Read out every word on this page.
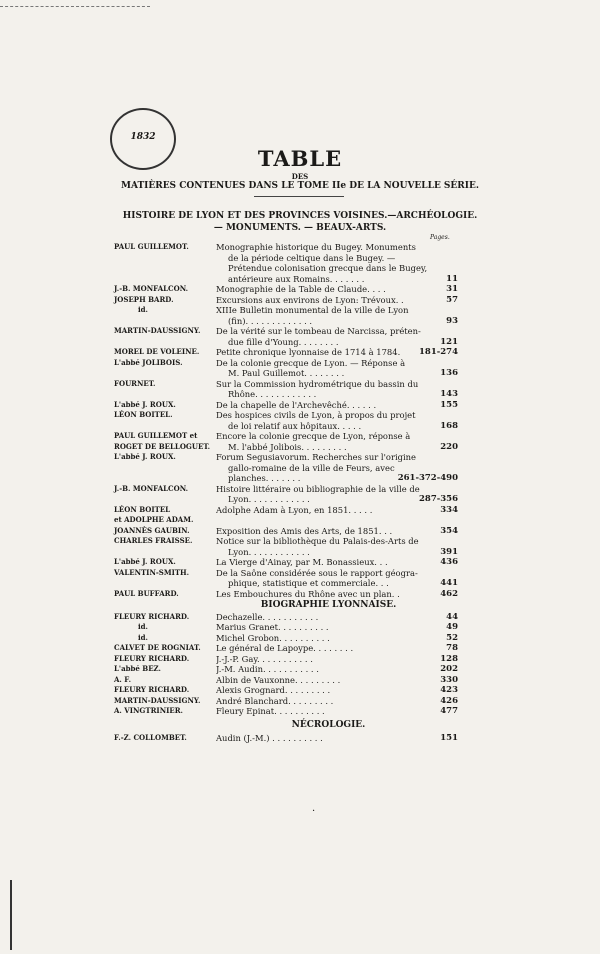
1832
TABLE
DES
MATIÈRES CONTENUES DANS LE TOME IIe DE LA NOUVELLE SÉRIE.
HISTOIRE DE LYON ET DES PROVINCES VOISINES.—ARCHÉOLOGIE.
— MONUMENTS. — BEAUX-ARTS.
Pages.
PAUL GUILLEMOT.	Monographie historique du Bugey. Monuments
de la période celtique dans le Bugey. —
Prétendue colonisation grecque dans le Bugey,
antérieure aux Romains. . . . . . .	11
J.-B. MONFALCON.	Monographie de la Table de Claude. . . .	31
JOSEPH BARD.	Excursions aux environs de Lyon: Trévoux. .	57
id.	XIIIe Bulletin monumental de la ville de Lyon
(fin). . . . . . . . . . . . .	93
MARTIN-DAUSSIGNY. De la vérité sur le tombeau de Narcissa, préten-
due fille d'Young. . . . . . . .	121
MOREL DE VOLEINE. Petite chronique lyonnaise de 1714 à 1784.	181-274
L'abbé JOLIBOIS.	De la colonie grecque de Lyon. — Réponse à
M. Paul Guillemot. . . . . . . .	136
FOURNET.	Sur la Commission hydrométrique du bassin du
Rhône. . . . . . . . . . . .	143
L'abbé J. ROUX.	De la chapelle de l'Archevêché. . . . . .	155
LÉON BOITEL.	Des hospices civils de Lyon, à propos du projet
de loi relatif aux hôpitaux. . . . .	168
PAUL GUILLEMOT et
ROGET DE BELLOGUET.
Encore la colonie grecque de Lyon, réponse à
M. l'abbé Jolibois. . . . . . . . .	220
L'abbé J. ROUX.	Forum Segusiavorum. Recherches sur l'origine
gallo-romaine de la ville de Feurs, avec
planches. . . . . . .	261-372-490
J.-B. MONFALCON.	Histoire littéraire ou bibliographie de la ville de
Lyon. . . . . . . . . . . .	287-356
LÉON BOITEL
et ADOLPHE ADAM.
Adolphe Adam à Lyon, en 1851. . . . .	334
JOANNÈS GAUBIN.	Exposition des Amis des Arts, de 1851. . .	354
CHARLES FRAISSE.	Notice sur la bibliothèque du Palais-des-Arts de
Lyon. . . . . . . . . . . .	391
L'abbé J. ROUX.	La Vierge d'Ainay, par M. Bonassieux. . .	436
VALENTIN-SMITH.	De la Saône considérée sous le rapport géogra-
phique, statistique et commerciale. . .	441
PAUL BUFFARD.	Les Embouchures du Rhône avec un plan. .	462
BIOGRAPHIE LYONNAISE.
FLEURY RICHARD.	Dechazelle. . . . . . . . . . .	44
id.	Marius Granet. . . . . . . . . .	49
id.	Michel Grobon. . . . . . . . . .	52
CALVET DE ROGNIAT. Le général de Lapoype. . . . . . . .	78
FLEURY RICHARD.	J.-J.-P. Gay. . . . . . . . . . .	128
L'abbé BEZ.	J.-M. Audin. . . . . . . . . . .	202
A. F.	Albin de Vauxonne. . . . . . . . .	330
FLEURY RICHARD.	Alexis Grognard. . . . . . . . .	423
MARTIN-DAUSSIGNY. André Blanchard. . . . . . . . .	426
A. VINGTRINIER.	Fleury Epinat. . . . . . . . . .	477
NÉCROLOGIE.
F.-Z. COLLOMBET.	Audin (J.-M.) . . . . . . . . . .	151
·
